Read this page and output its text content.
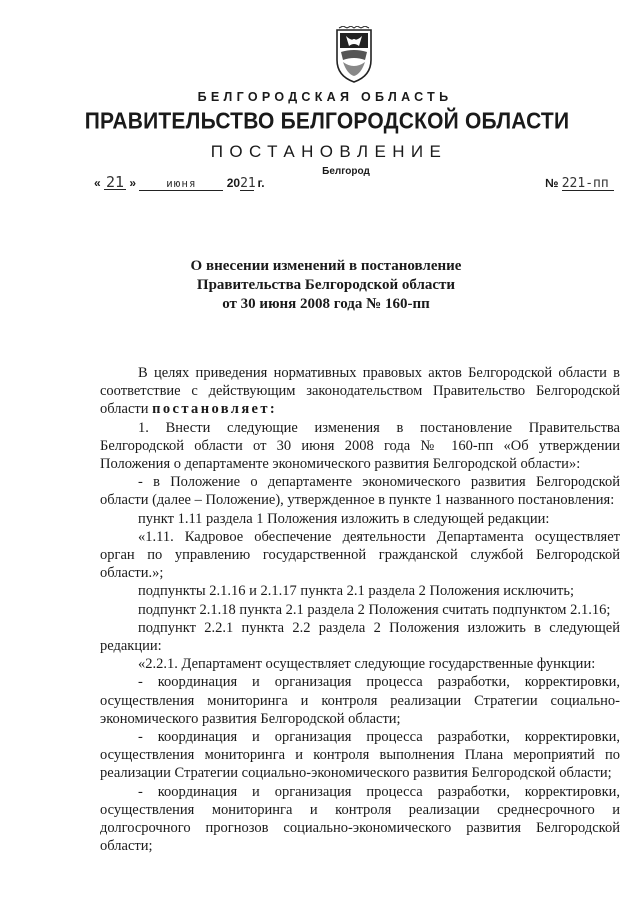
БЕЛГОРОДСКАЯ ОБЛАСТЬ
ПРАВИТЕЛЬСТВО БЕЛГОРОДСКОЙ ОБЛАСТИ
ПОСТАНОВЛЕНИЕ
Белгород
« 21 »	июня	2021 г.	№ 221-пп
О внесении изменений в постановление
Правительства Белгородской области
от 30 июня 2008 года № 160-пп

В целях приведения нормативных правовых актов Белгородской области в соответствие с действующим законодательством Правительство Белгородской области постановляет:

1. Внести следующие изменения в постановление Правительства Белгородской области от 30 июня 2008 года № 160-пп «Об утверждении Положения о департаменте экономического развития Белгородской области»:

- в Положение о департаменте экономического развития Белгородской области (далее – Положение), утвержденное в пункте 1 названного постановления:

пункт 1.11 раздела 1 Положения изложить в следующей редакции:

«1.11. Кадровое обеспечение деятельности Департамента осуществляет орган по управлению государственной гражданской службой Белгородской области.»;

подпункты 2.1.16 и 2.1.17 пункта 2.1 раздела 2 Положения исключить;

подпункт 2.1.18 пункта 2.1 раздела 2 Положения считать подпунктом 2.1.16;

подпункт 2.2.1 пункта 2.2 раздела 2 Положения изложить в следующей редакции:

«2.2.1. Департамент осуществляет следующие государственные функции:

- координация и организация процесса разработки, корректировки, осуществления мониторинга и контроля реализации Стратегии социально-экономического развития Белгородской области;

- координация и организация процесса разработки, корректировки, осуществления мониторинга и контроля выполнения Плана мероприятий по реализации Стратегии социально-экономического развития Белгородской области;

- координация и организация процесса разработки, корректировки, осуществления мониторинга и контроля реализации среднесрочного и долгосрочного прогнозов социально-экономического развития Белгородской области;
